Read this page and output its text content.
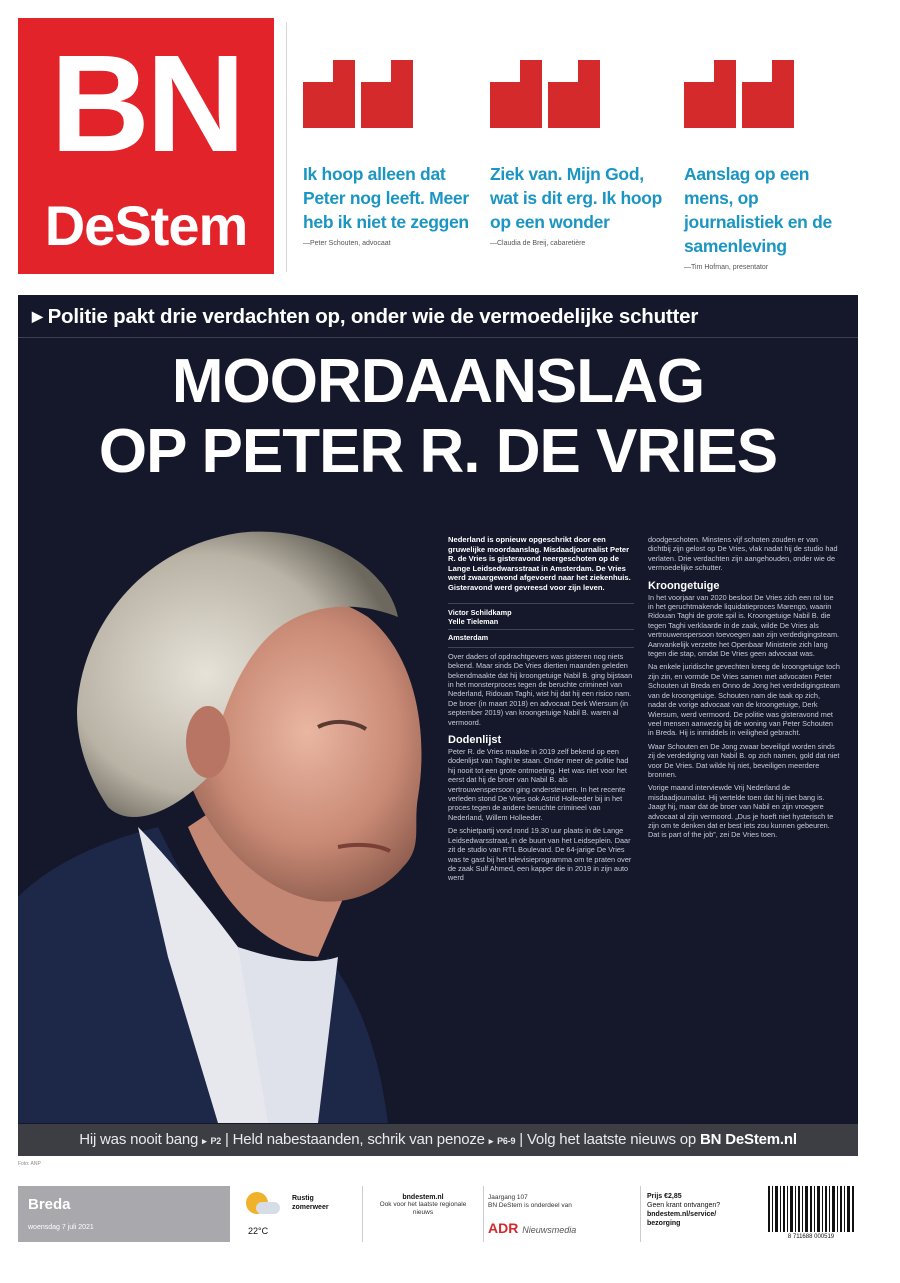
BN
DeStem
Ik hoop alleen dat Peter nog leeft. Meer heb ik niet te zeggen
—Peter Schouten, advocaat
Ziek van. Mijn God, wat is dit erg. Ik hoop op een wonder
—Claudia de Breij, cabaretière
Aanslag op een mens, op journalistiek en de samenleving
—Tim Hofman, presentator
▶ Politie pakt drie verdachten op, onder wie de vermoedelijke schutter
MOORDAANSLAG
OP PETER R. DE VRIES

Nederland is opnieuw opgeschrikt door een gruwelijke moordaanslag. Misdaadjournalist Peter R. de Vries is gisteravond neergeschoten op de Lange Leidsedwarsstraat in Amsterdam. De Vries werd zwaargewond afgevoerd naar het ziekenhuis. Gisteravond werd gevreesd voor zijn leven.

Victor Schildkamp
Yelle Tieleman
Amsterdam

Over daders of opdrachtgevers was gisteren nog niets bekend. Maar sinds De Vries diertien maanden geleden bekendmaakte dat hij kroongetuige Nabil B. ging bijstaan in het monsterproces tegen de beruchte crimineel van Nederland, Ridouan Taghi, wist hij dat hij een risico nam. De broer (in maart 2018) en advocaat Derk Wiersum (in september 2019) van kroongetuige Nabil B. waren al vermoord.

Dodenlijst

Peter R. de Vries maakte in 2019 zelf bekend op een dodenlijst van Taghi te staan. Onder meer de politie had hij nooit tot een grote ontmoeting. Het was niet voor het eerst dat hij de broer van Nabil B. als vertrouwenspersoon ging ondersteunen. In het recente verleden stond De Vries ook Astrid Holleeder bij in het proces tegen de andere beruchte crimineel van Nederland, Willem Holleeder.

De schietpartij vond rond 19.30 uur plaats in de Lange Leidsedwarsstraat, in de buurt van het Leidseplein. Daar zit de studio van RTL Boulevard. De 64-jarige De Vries was te gast bij het televisieprogramma om te praten over de zaak Sulf Ahmed, een kapper die in 2019 in zijn auto werd

doodgeschoten. Minstens vijf schoten zouden er van dichtbij zijn gelost op De Vries, vlak nadat hij de studio had verlaten. Drie verdachten zijn aangehouden, onder wie de vermoedelijke schutter.

Kroongetuige

In het voorjaar van 2020 besloot De Vries zich een rol toe in het geruchtmakende liquidatieproces Marengo, waarin Ridouan Taghi de grote spil is. Kroongetuige Nabil B. die tegen Taghi verklaarde in de zaak, wilde De Vries als vertrouwenspersoon toevoegen aan zijn verdedigingsteam. Aanvankelijk verzette het Openbaar Ministerie zich lang tegen die stap, omdat De Vries geen advocaat was.

Na enkele juridische gevechten kreeg de kroongetuige toch zijn zin, en vormde De Vries samen met advocaten Peter Schouten uit Breda en Onno de Jong het verdedigingsteam van de kroongetuige. Schouten nam die taak op zich, nadat de vorige advocaat van de kroongetuige, Derk Wiersum, werd vermoord. De politie was gisteravond met veel mensen aanwezig bij de woning van Peter Schouten in Breda. Hij is inmiddels in veiligheid gebracht.

Waar Schouten en De Jong zwaar beveiligd worden sinds zij de verdediging van Nabil B. op zich namen, gold dat niet voor De Vries. Dat wilde hij niet, beveiligen meerdere bronnen.

Vorige maand interviewde Vrij Nederland de misdaadjournalist. Hij vertelde toen dat hij niet bang is. Jaagt hij, maar dat de broer van Nabil en zijn vroegere advocaat al zijn vermoord. „Dus je hoeft niet hysterisch te zijn om te denken dat er best iets zou kunnen gebeuren. Dat is part of the job”, zei De Vries toen.

Hij was nooit bang ▸ P2 | Held nabestaanden, schrik van penoze ▸ P6-9 | Volg het laatste nieuws op BN DeStem.nl
Foto: ANP
Breda
woensdag 7 juli 2021
Rustig zomerweer
22°C
bndestem.nl
Ook voor het laatste regionale nieuws
Jaargang 107
BN DeStem is onderdeel van
ADR Nieuwsmedia
Prijs €2,85
Geen krant ontvangen?
bndestem.nl/service/
bezorging
8 711688 000519
